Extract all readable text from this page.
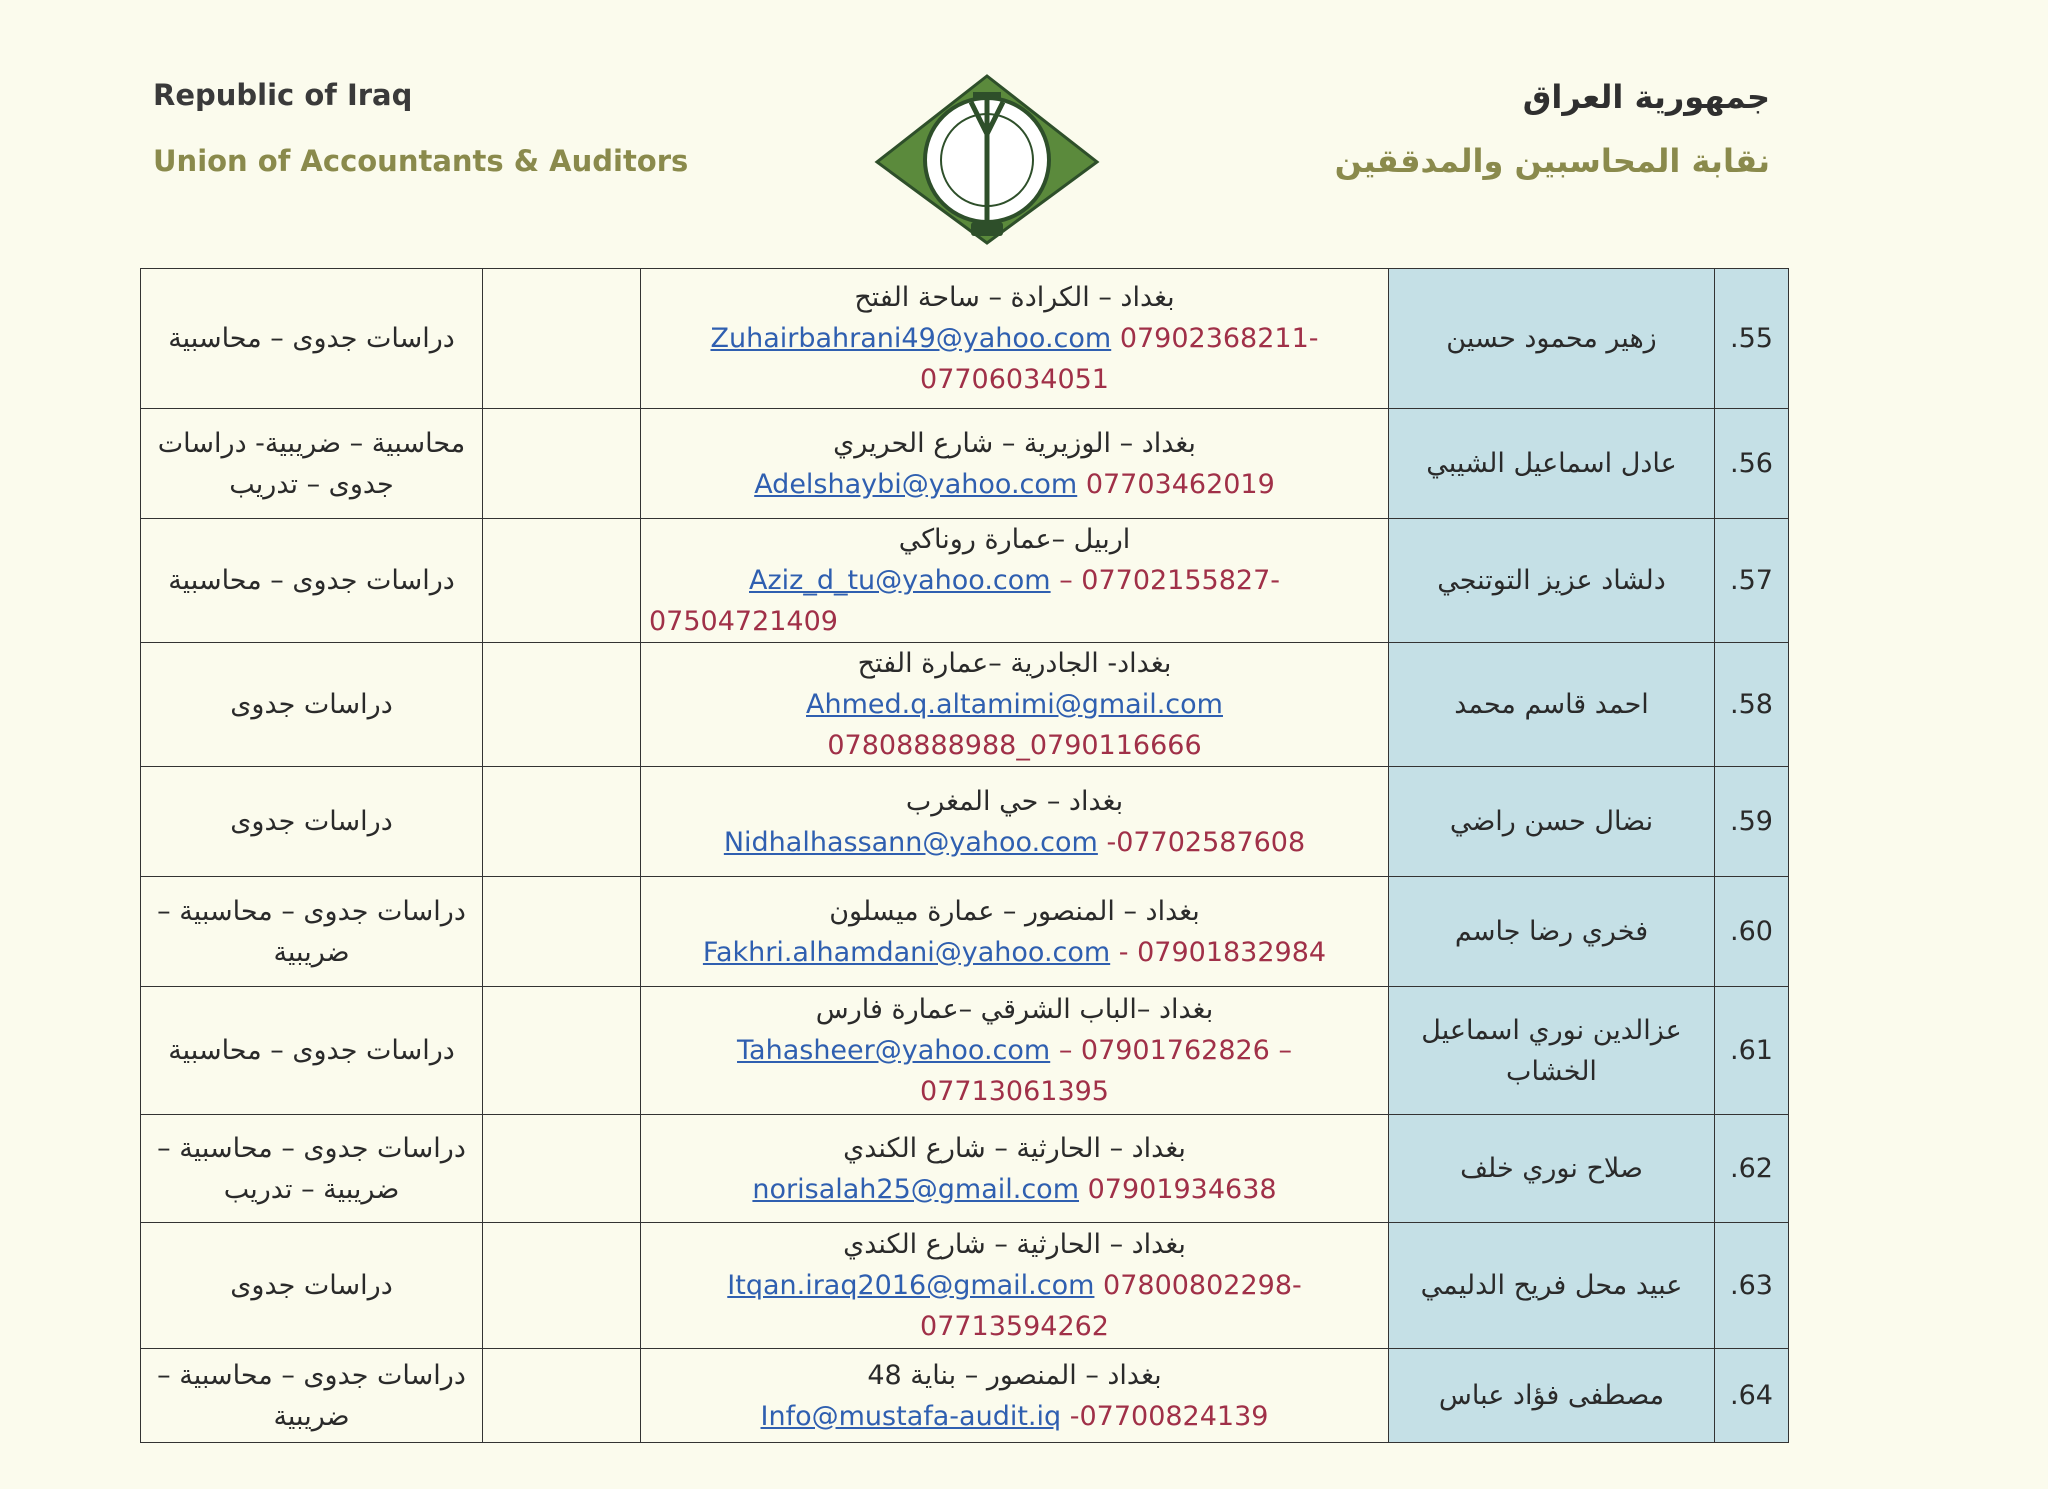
Republic of Iraq
Union of Accountants & Auditors
جمهورية العراق
نقابة المحاسبين والمدققين
.55	زهير محمود حسين	بغداد – الكرادة – ساحة الفتح
Zuhairbahrani49@yahoo.com 07902368211-
07706034051		دراسات جدوى – محاسبية
.56	عادل اسماعيل الشيبي	بغداد – الوزيرية – شارع الحريري
Adelshaybi@yahoo.com 07703462019		محاسبية – ضريبية- دراسات جدوى – تدريب
.57	دلشاد عزيز التوتنجي	اربيل –عمارة روناكي
Aziz_d_tu@yahoo.com – 07702155827-
07504721409		دراسات جدوى – محاسبية
.58	احمد قاسم محمد	بغداد- الجادرية –عمارة الفتح
Ahmed.q.altamimi@gmail.com
07808888988_0790116666		دراسات جدوى
.59	نضال حسن راضي	بغداد – حي المغرب
Nidhalhassann@yahoo.com -07702587608		دراسات جدوى
.60	فخري رضا جاسم	بغداد – المنصور – عمارة ميسلون
Fakhri.alhamdani@yahoo.com - 07901832984		دراسات جدوى – محاسبية – ضريبية
.61	عزالدين نوري اسماعيل الخشاب	بغداد –الباب الشرقي –عمارة فارس
Tahasheer@yahoo.com – 07901762826 –
07713061395		دراسات جدوى – محاسبية
.62	صلاح نوري خلف	بغداد – الحارثية – شارع الكندي
norisalah25@gmail.com 07901934638		دراسات جدوى – محاسبية – ضريبية – تدريب
.63	عبيد محل فريح الدليمي	بغداد – الحارثية – شارع الكندي
Itqan.iraq2016@gmail.com 07800802298-
07713594262		دراسات جدوى
.64	مصطفى فؤاد عباس	بغداد – المنصور – بناية 48
Info@mustafa-audit.iq -07700824139		دراسات جدوى – محاسبية – ضريبية
